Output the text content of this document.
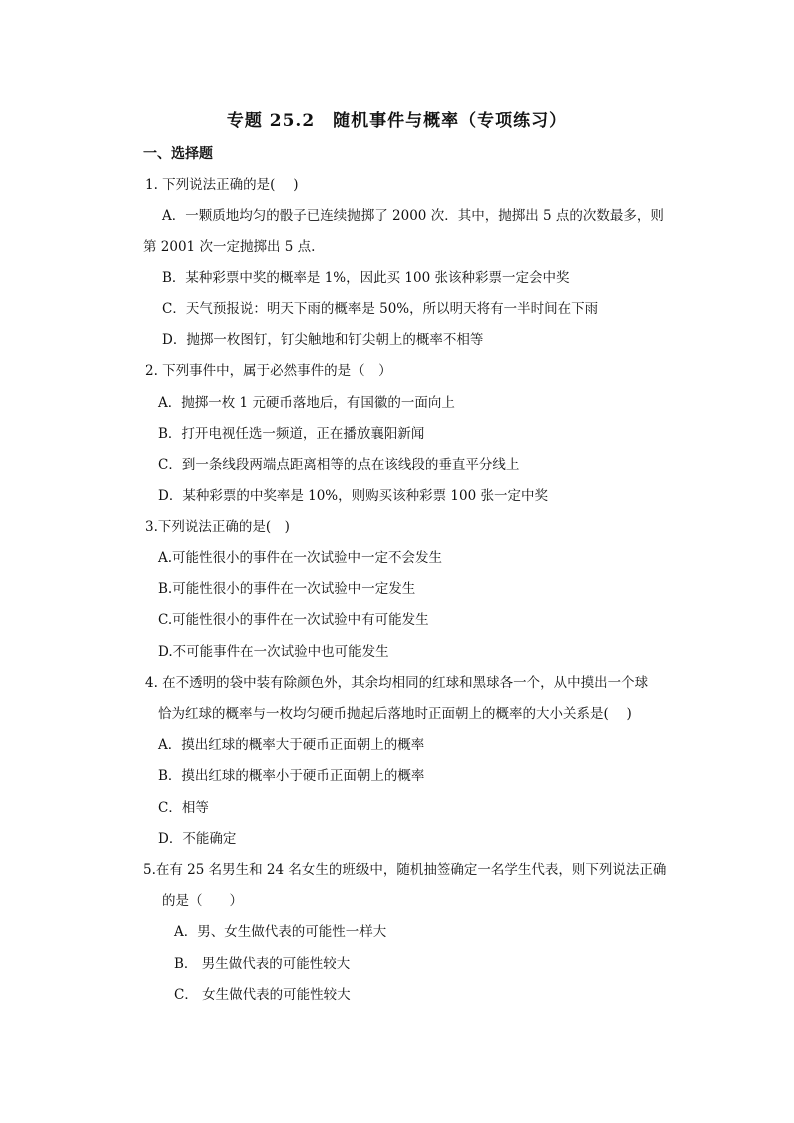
专题 25.2　随机事件与概率（专项练习）
一、选择题
1. 下列说法正确的是(　 )
A．一颗质地均匀的骰子已连续抛掷了 2000 次．其中，抛掷出 5 点的次数最多，则
第 2001 次一定抛掷出 5 点.
B．某种彩票中奖的概率是 1%，因此买 100 张该种彩票一定会中奖
C．天气预报说：明天下雨的概率是 50%，所以明天将有一半时间在下雨
D．抛掷一枚图钉，钉尖触地和钉尖朝上的概率不相等
2. 下列事件中，属于必然事件的是（　）
A．抛掷一枚 1 元硬币落地后，有国徽的一面向上
B．打开电视任选一频道，正在播放襄阳新闻
C．到一条线段两端点距离相等的点在该线段的垂直平分线上
D．某种彩票的中奖率是 10%，则购买该种彩票 100 张一定中奖
3.下列说法正确的是(　)
A.可能性很小的事件在一次试验中一定不会发生
B.可能性很小的事件在一次试验中一定发生
C.可能性很小的事件在一次试验中有可能发生
D.不可能事件在一次试验中也可能发生
4. 在不透明的袋中装有除颜色外，其余均相同的红球和黑球各一个，从中摸出一个球
恰为红球的概率与一枚均匀硬币抛起后落地时正面朝上的概率的大小关系是(　 )
A．摸出红球的概率大于硬币正面朝上的概率
B．摸出红球的概率小于硬币正面朝上的概率
C．相等
D．不能确定
5.在有 25 名男生和 24 名女生的班级中，随机抽签确定一名学生代表，则下列说法正确
的是（　　）
A．男、女生做代表的可能性一样大
B． 男生做代表的可能性较大
C． 女生做代表的可能性较大
